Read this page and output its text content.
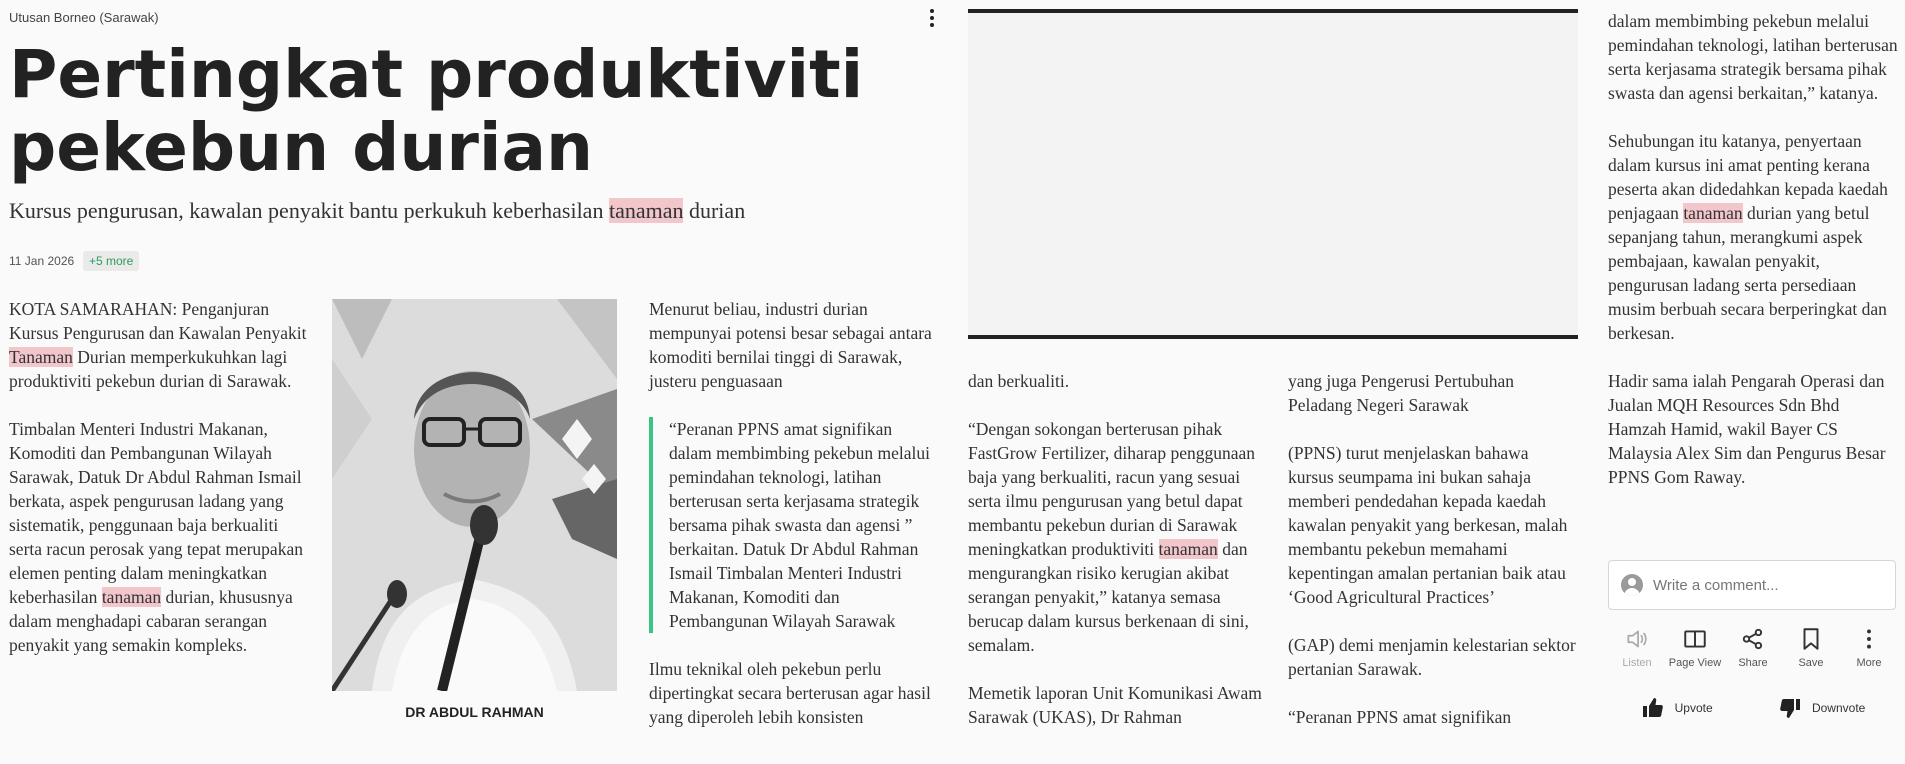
Utusan Borneo (Sarawak)
Pertingkat produktiviti pekebun durian
Kursus pengurusan, kawalan penyakit bantu perkukuh keberhasilan tanaman durian
11 Jan 2026	+5 more

KOTA SAMARAHAN: Penganjuran Kursus Pengurusan dan Kawalan Penyakit Tanaman Durian memperkukuhkan lagi produktiviti pekebun durian di Sarawak.

Timbalan Menteri Industri Makanan, Komoditi dan Pembangunan Wilayah Sarawak, Datuk Dr Abdul Rahman Ismail berkata, aspek pengurusan ladang yang sistematik, penggunaan baja berkualiti serta racun perosak yang tepat merupakan elemen penting dalam meningkatkan keberhasilan tanaman durian, khususnya dalam menghadapi cabaran serangan penyakit yang semakin kompleks.

DR ABDUL RAHMAN

Menurut beliau, industri durian mempunyai potensi besar sebagai antara komoditi bernilai tinggi di Sarawak, justeru penguasaan

“Peranan PPNS amat signifikan dalam membimbing pekebun melalui pemindahan teknologi, latihan berterusan serta kerjasama strategik bersama pihak swasta dan agensi ” berkaitan. Datuk Dr Abdul Rahman Ismail Timbalan Menteri Industri Makanan, Komoditi dan Pembangunan Wilayah Sarawak

Ilmu teknikal oleh pekebun perlu dipertingkat secara berterusan agar hasil yang diperoleh lebih konsisten

dan berkualiti.

“Dengan sokongan berterusan pihak FastGrow Fertilizer, diharap penggunaan baja yang berkualiti, racun yang sesuai serta ilmu pengurusan yang betul dapat membantu pekebun durian di Sarawak meningkatkan produktiviti tanaman dan mengurangkan risiko kerugian akibat serangan penyakit,” katanya semasa berucap dalam kursus berkenaan di sini, semalam.

Memetik laporan Unit Komunikasi Awam Sarawak (UKAS), Dr Rahman

yang juga Pengerusi Pertubuhan Peladang Negeri Sarawak

(PPNS) turut menjelaskan bahawa kursus seumpama ini bukan sahaja memberi pendedahan kepada kaedah kawalan penyakit yang berkesan, malah membantu pekebun memahami kepentingan amalan pertanian baik atau ‘Good Agricultural Practices’

(GAP) demi menjamin kelestarian sektor pertanian Sarawak.

“Peranan PPNS amat signifikan

dalam membimbing pekebun melalui pemindahan teknologi, latihan berterusan serta kerjasama strategik bersama pihak swasta dan agensi berkaitan,” katanya.

Sehubungan itu katanya, penyertaan dalam kursus ini amat penting kerana peserta akan didedahkan kepada kaedah penjagaan tanaman durian yang betul sepanjang tahun, merangkumi aspek pembajaan, kawalan penyakit, pengurusan ladang serta persediaan musim berbuah secara berperingkat dan berkesan.

Hadir sama ialah Pengarah Operasi dan Jualan MQH Resources Sdn Bhd Hamzah Hamid, wakil Bayer CS Malaysia Alex Sim dan Pengurus Besar PPNS Gom Raway.

Write a comment...
Listen Page View Share	Save	More
Upvote	Downvote
